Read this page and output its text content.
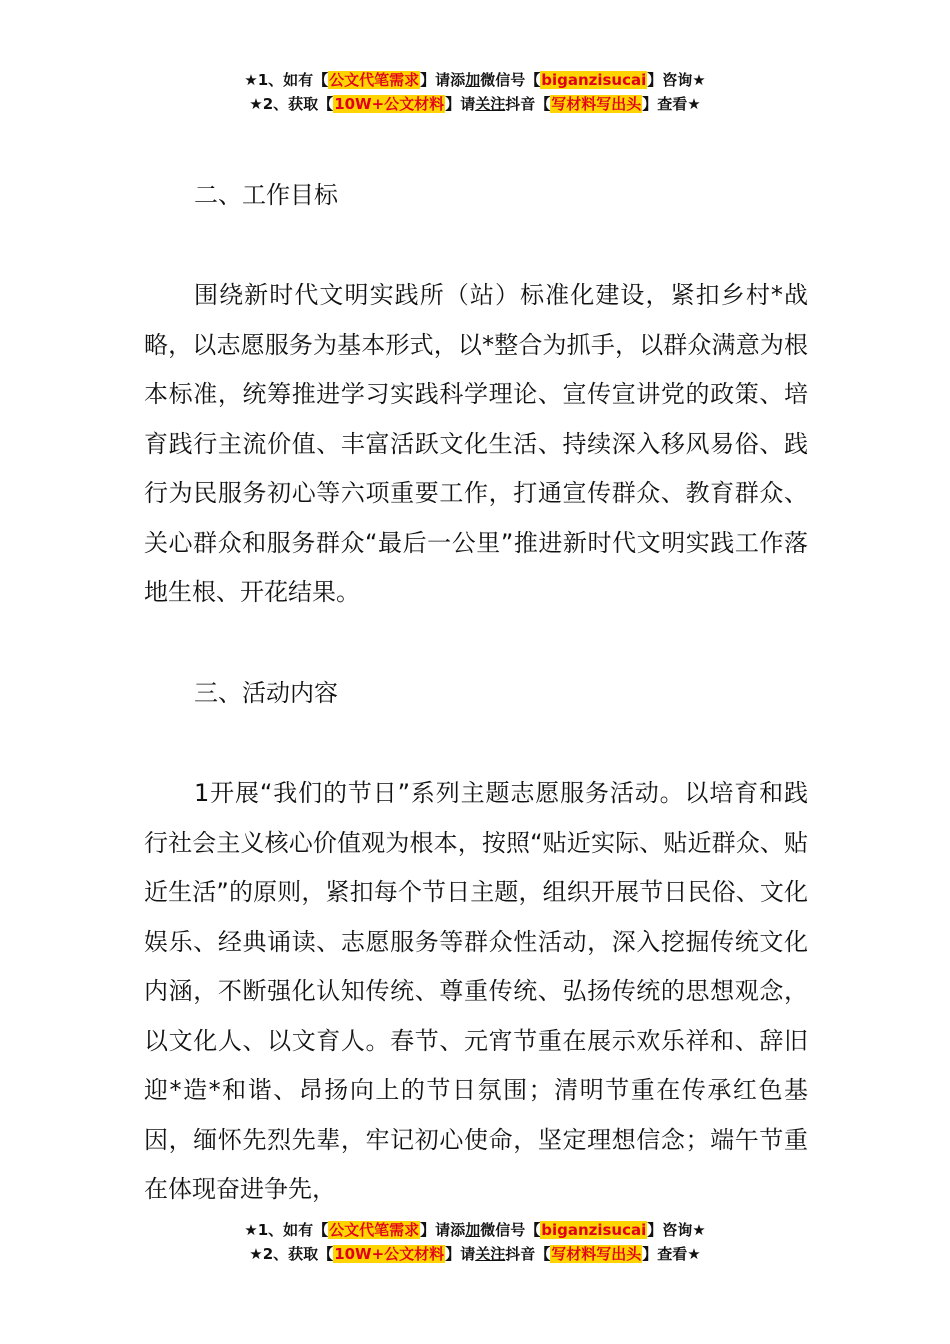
★1、如有【公文代笔需求】请添加微信号【biganzisucai】咨询★
★2、获取【10W+公文材料】请关注抖音【写材料写出头】查看★
二、工作目标

围绕新时代文明实践所（站）标准化建设，紧扣乡村*战略，以志愿服务为基本形式，以*整合为抓手，以群众满意为根本标准，统筹推进学习实践科学理论、宣传宣讲党的政策、培育践行主流价值、丰富活跃文化生活、持续深入移风易俗、践行为民服务初心等六项重要工作，打通宣传群众、教育群众、关心群众和服务群众“最后一公里”推进新时代文明实践工作落地生根、开花结果。

三、活动内容

1开展“我们的节日”系列主题志愿服务活动。以培育和践行社会主义核心价值观为根本，按照“贴近实际、贴近群众、贴近生活”的原则，紧扣每个节日主题，组织开展节日民俗、文化娱乐、经典诵读、志愿服务等群众性活动，深入挖掘传统文化内涵，不断强化认知传统、尊重传统、弘扬传统的思想观念，以文化人、以文育人。春节、元宵节重在展示欢乐祥和、辞旧迎*造*和谐、昂扬向上的节日氛围；清明节重在传承红色基因，缅怀先烈先辈，牢记初心使命，坚定理想信念；端午节重在体现奋进争先，

★1、如有【公文代笔需求】请添加微信号【biganzisucai】咨询★
★2、获取【10W+公文材料】请关注抖音【写材料写出头】查看★
